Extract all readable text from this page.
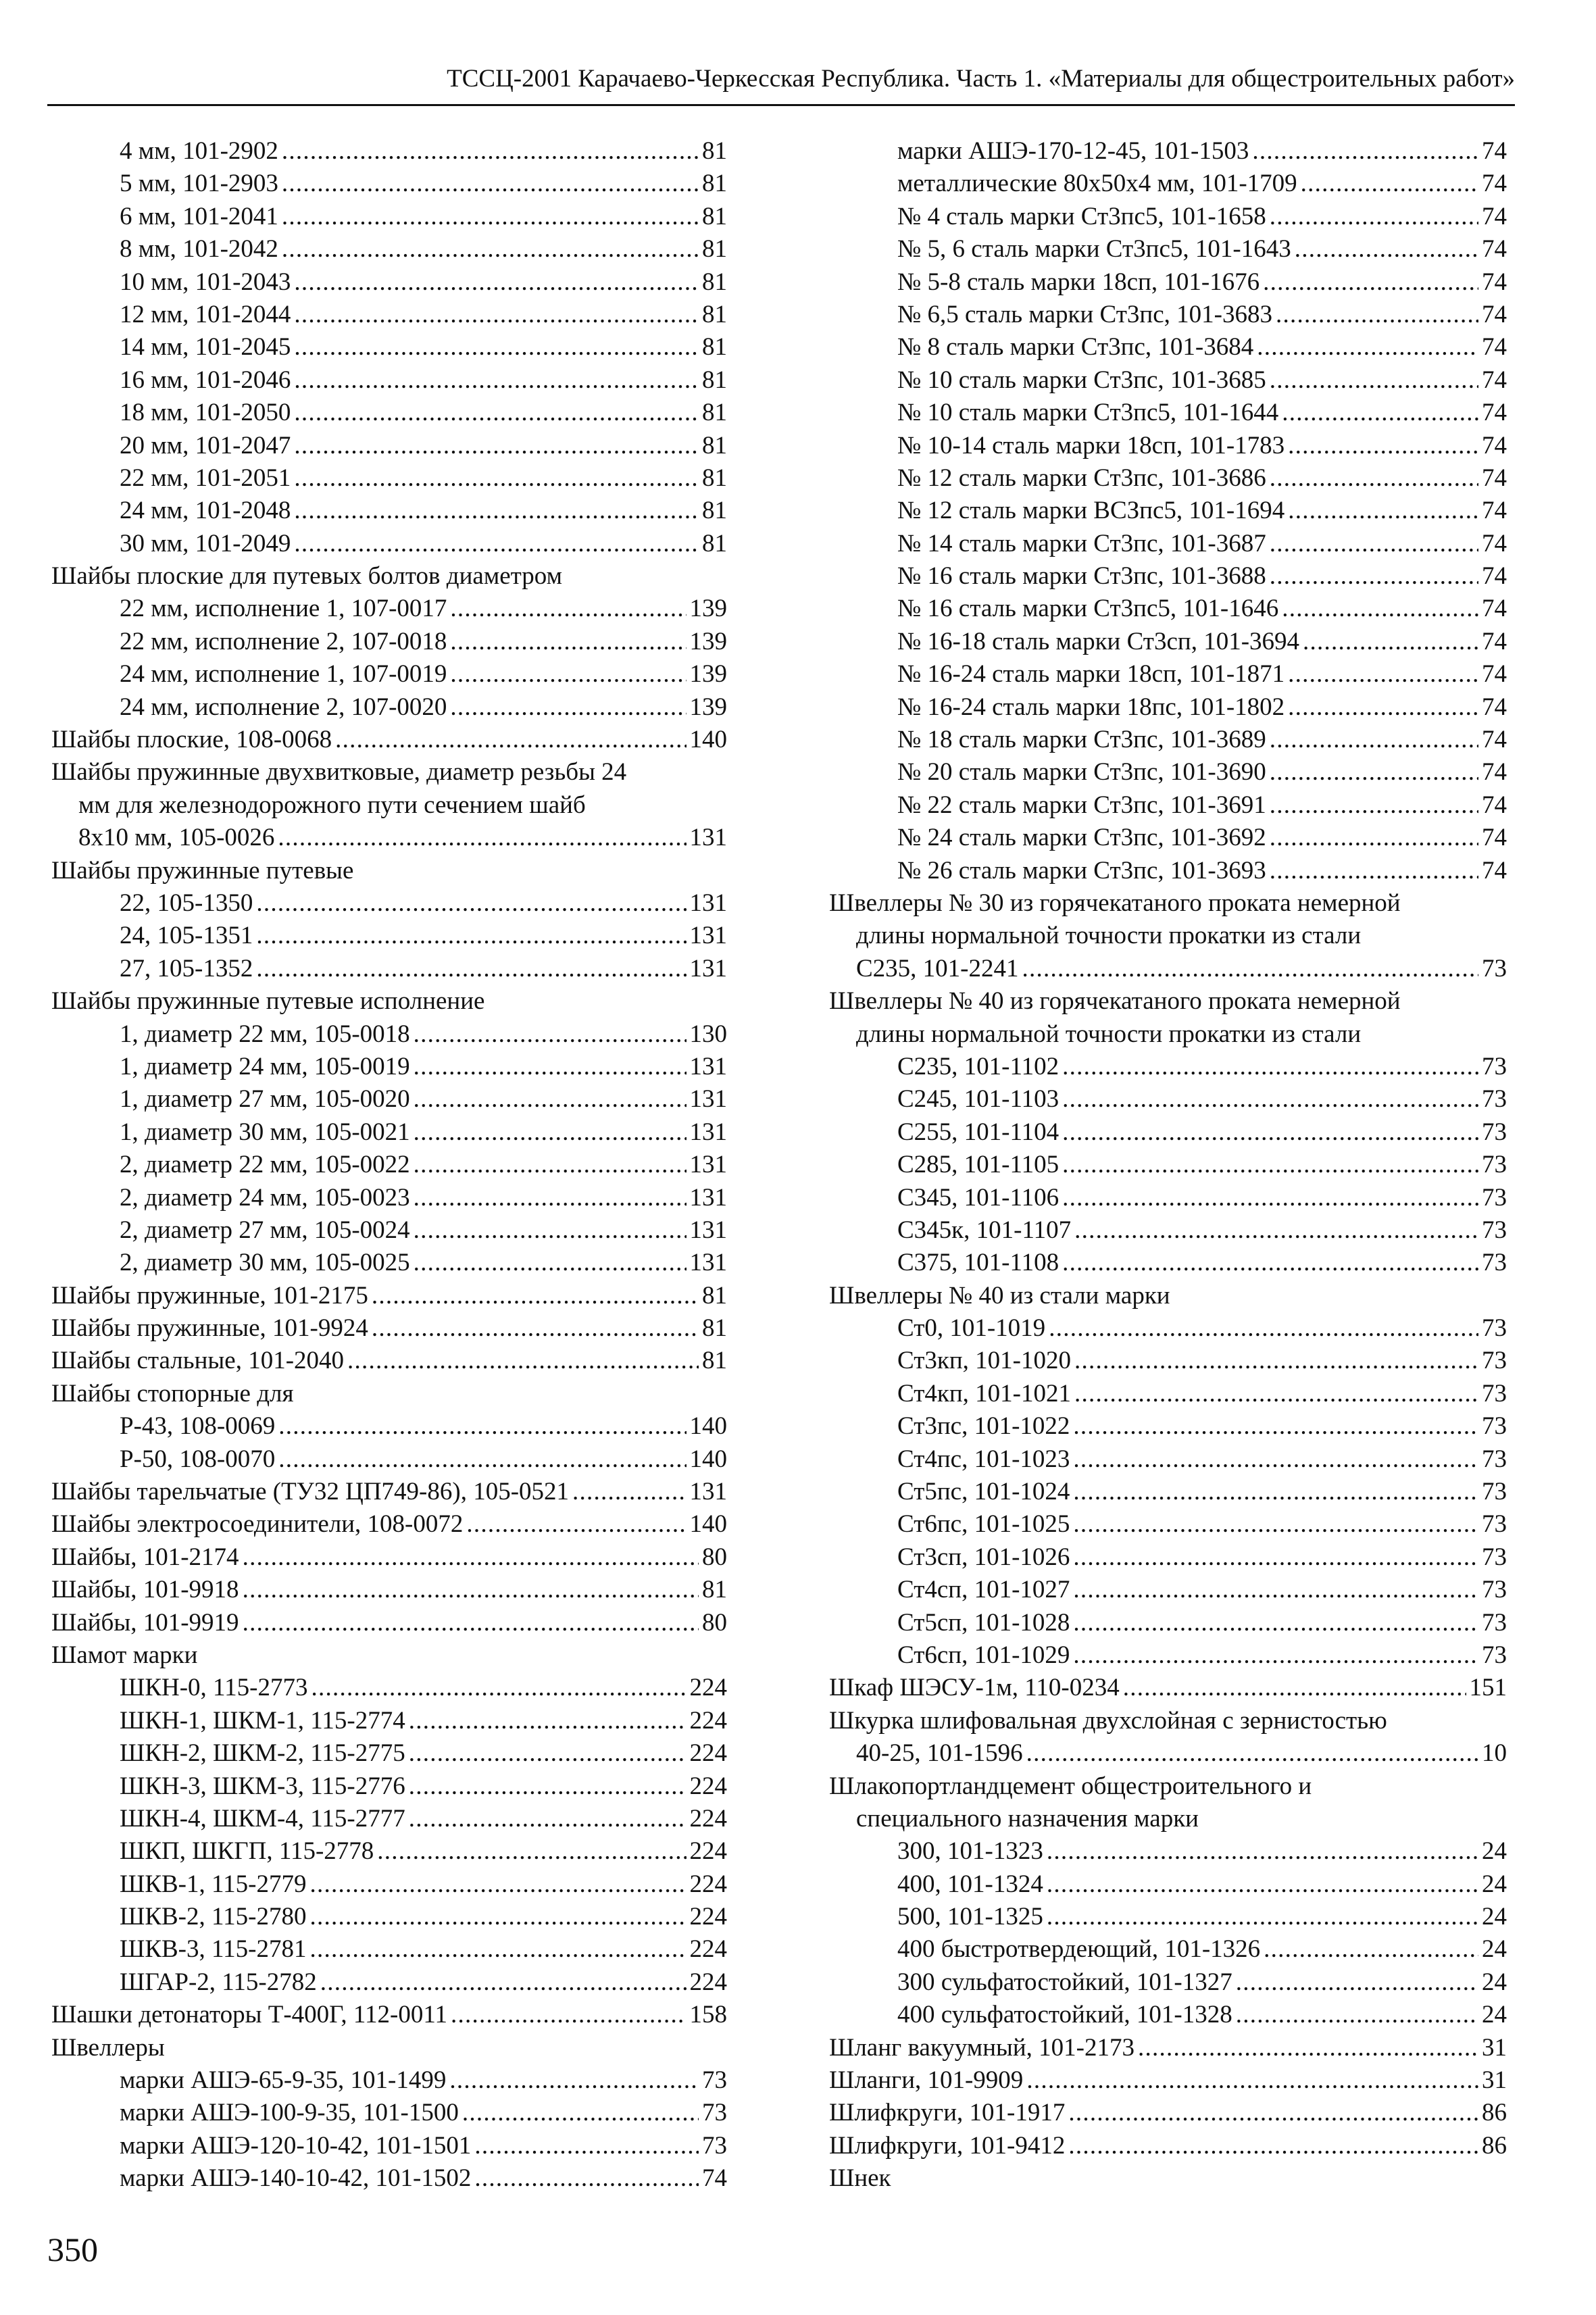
ТССЦ-2001 Карачаево-Черкесская Республика. Часть 1. «Материалы для общестроительных работ»
4 мм, 101-2902 . . .	81
5 мм, 101-2903 . . .	81
6 мм, 101-2041 . . .	81
8 мм, 101-2042 . . .	81
10 мм, 101-2043 . . .	81
12 мм, 101-2044 . . .	81
14 мм, 101-2045 . . .	81
16 мм, 101-2046 . . .	81
18 мм, 101-2050 . . .	81
20 мм, 101-2047 . . .	81
22 мм, 101-2051 . . .	81
24 мм, 101-2048 . . .	81
30 мм, 101-2049 . . .	81
Шайбы плоские для путевых болтов диаметром
22 мм, исполнение 1, 107-0017 . . .	139
22 мм, исполнение 2, 107-0018 . . .	139
24 мм, исполнение 1, 107-0019 . . .	139
24 мм, исполнение 2, 107-0020 . . .	139
Шайбы плоские, 108-0068 . . .	140
Шайбы пружинные двухвитковые, диаметр резьбы 24
мм для железнодорожного пути сечением шайб
8x10 мм, 105-0026 . . .	131
Шайбы пружинные путевые
22, 105-1350 . . .	131
24, 105-1351 . . .	131
27, 105-1352 . . .	131
Шайбы пружинные путевые исполнение
1, диаметр 22 мм, 105-0018 . . .	130
1, диаметр 24 мм, 105-0019 . . .	131
1, диаметр 27 мм, 105-0020 . . .	131
1, диаметр 30 мм, 105-0021 . . .	131
2, диаметр 22 мм, 105-0022 . . .	131
2, диаметр 24 мм, 105-0023 . . .	131
2, диаметр 27 мм, 105-0024 . . .	131
2, диаметр 30 мм, 105-0025 . . .	131
Шайбы пружинные, 101-2175 . . .	81
Шайбы пружинные, 101-9924 . . .	81
Шайбы стальные, 101-2040 . . .	81
Шайбы стопорные для
Р-43, 108-0069 . . .	140
Р-50, 108-0070 . . .	140
Шайбы тарельчатые (ТУ32 ЦП749-86), 105-0521 . . .	131
Шайбы электросоединители, 108-0072 . . .	140
Шайбы, 101-2174 . . .	80
Шайбы, 101-9918 . . .	81
Шайбы, 101-9919 . . .	80
Шамот марки
ШКН-0, 115-2773 . . .	224
ШКН-1, ШКМ-1, 115-2774 . . .	224
ШКН-2, ШКМ-2, 115-2775 . . .	224
ШКН-3, ШКМ-3, 115-2776 . . .	224
ШКН-4, ШКМ-4, 115-2777 . . .	224
ШКП, ШКГП, 115-2778 . . .	224
ШКВ-1, 115-2779 . . .	224
ШКВ-2, 115-2780 . . .	224
ШКВ-3, 115-2781 . . .	224
ШГАР-2, 115-2782 . . .	224
Шашки детонаторы Т-400Г, 112-0011 . . .	158
Швеллеры
марки АШЭ-65-9-35, 101-1499 . . .	73
марки АШЭ-100-9-35, 101-1500 . . .	73
марки АШЭ-120-10-42, 101-1501 . . .	73
марки АШЭ-140-10-42, 101-1502 . . .	74
марки АШЭ-170-12-45, 101-1503 . . .	74
металлические 80x50x4 мм, 101-1709 . . .	74
№ 4 сталь марки Ст3пс5, 101-1658 . . .	74
№ 5, 6 сталь марки Ст3пс5, 101-1643 . . .	74
№ 5-8 сталь марки 18сп, 101-1676 . . .	74
№ 6,5 сталь марки Ст3пс, 101-3683 . . .	74
№ 8 сталь марки Ст3пс, 101-3684 . . .	74
№ 10 сталь марки Ст3пс, 101-3685 . . .	74
№ 10 сталь марки Ст3пс5, 101-1644 . . .	74
№ 10-14 сталь марки 18сп, 101-1783 . . .	74
№ 12 сталь марки Ст3пс, 101-3686 . . .	74
№ 12 сталь марки ВСЗпс5, 101-1694 . . .	74
№ 14 сталь марки Ст3пс, 101-3687 . . .	74
№ 16 сталь марки Ст3пс, 101-3688 . . .	74
№ 16 сталь марки Ст3пс5, 101-1646 . . .	74
№ 16-18 сталь марки Ст3сп, 101-3694 . . .	74
№ 16-24 сталь марки 18сп, 101-1871 . . .	74
№ 16-24 сталь марки 18пс, 101-1802 . . .	74
№ 18 сталь марки Ст3пс, 101-3689 . . .	74
№ 20 сталь марки Ст3пс, 101-3690 . . .	74
№ 22 сталь марки Ст3пс, 101-3691 . . .	74
№ 24 сталь марки Ст3пс, 101-3692 . . .	74
№ 26 сталь марки Ст3пс, 101-3693 . . .	74
Швеллеры № 30 из горячекатаного проката немерной
длины нормальной точности прокатки из стали
С235, 101-2241 . . .	73
Швеллеры № 40 из горячекатаного проката немерной
длины нормальной точности прокатки из стали
С235, 101-1102 . . .	73
С245, 101-1103 . . .	73
С255, 101-1104 . . .	73
С285, 101-1105 . . .	73
С345, 101-1106 . . .	73
С345к, 101-1107 . . .	73
С375, 101-1108 . . .	73
Швеллеры № 40 из стали марки
Ст0, 101-1019 . . .	73
Ст3кп, 101-1020 . . .	73
Ст4кп, 101-1021 . . .	73
Ст3пс, 101-1022 . . .	73
Ст4пс, 101-1023 . . .	73
Ст5пс, 101-1024 . . .	73
Ст6пс, 101-1025 . . .	73
Ст3сп, 101-1026 . . .	73
Ст4сп, 101-1027 . . .	73
Ст5сп, 101-1028 . . .	73
Ст6сп, 101-1029 . . .	73
Шкаф ШЭСУ-1м, 110-0234 . . .	151
Шкурка шлифовальная двухслойная с зернистостью
40-25, 101-1596 . . .	10
Шлакопортландцемент общестроительного и
специального назначения марки
300, 101-1323 . . .	24
400, 101-1324 . . .	24
500, 101-1325 . . .	24
400 быстротвердеющий, 101-1326 . . .	24
300 сульфатостойкий, 101-1327 . . .	24
400 сульфатостойкий, 101-1328 . . .	24
Шланг вакуумный, 101-2173 . . .	31
Шланги, 101-9909 . . .	31
Шлифкруги, 101-1917 . . .	86
Шлифкруги, 101-9412 . . .	86
Шнек
350
